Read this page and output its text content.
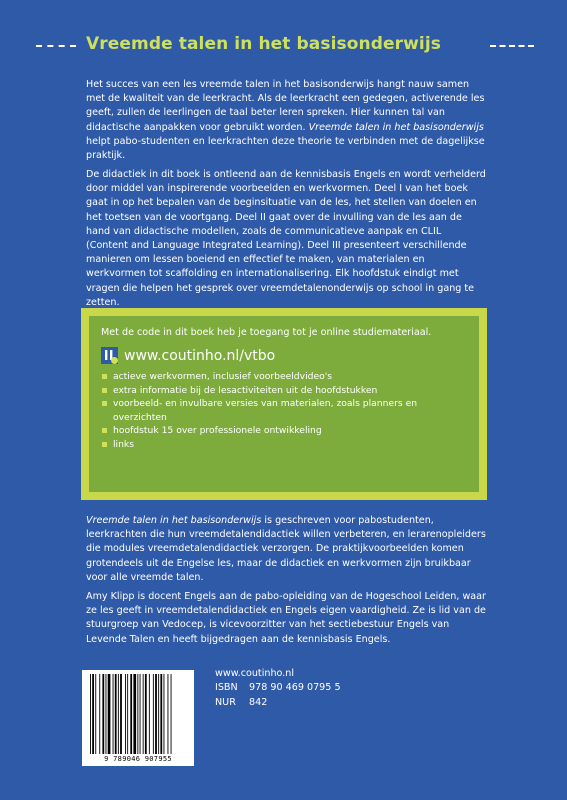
Vreemde talen in het basisonderwijs

Het succes van een les vreemde talen in het basisonderwijs hangt nauw samen met de kwaliteit van de leerkracht. Als de leerkracht een gedegen, activerende les geeft, zullen de leerlingen de taal beter leren spreken. Hier kunnen tal van didactische aanpakken voor gebruikt worden. Vreemde talen in het basisonderwijs helpt pabo-studenten en leerkrachten deze theorie te verbinden met de dagelijkse praktijk.

De didactiek in dit boek is ontleend aan de kennisbasis Engels en wordt verhelderd door middel van inspirerende voorbeelden en werkvormen. Deel I van het boek gaat in op het bepalen van de beginsituatie van de les, het stellen van doelen en het toetsen van de voortgang. Deel II gaat over de invulling van de les aan de hand van didactische modellen, zoals de communicatieve aanpak en CLIL (Content and Language Integrated Learning). Deel III presenteert verschillende manieren om lessen boeiend en effectief te maken, van materialen en werkvormen tot scaffolding en internationalisering. Elk hoofdstuk eindigt met vragen die helpen het gesprek over vreemdetalenonderwijs op school in gang te zetten.

Met de code in dit boek heb je toegang tot je online studiemateriaal.

www.coutinho.nl/vtbo
actieve werkvormen, inclusief voorbeeldvideo's
extra informatie bij de lesactiviteiten uit de hoofdstukken
voorbeeld- en invulbare versies van materialen, zoals planners en overzichten
hoofdstuk 15 over professionele ontwikkeling
links

Vreemde talen in het basisonderwijs is geschreven voor pabostudenten, leerkrachten die hun vreemdetalendidactiek willen verbeteren, en lerarenopleiders die modules vreemdetalendidactiek verzorgen. De praktijkvoorbeelden komen grotendeels uit de Engelse les, maar de didactiek en werkvormen zijn bruikbaar voor alle vreemde talen.

Amy Klipp is docent Engels aan de pabo-opleiding van de Hogeschool Leiden, waar ze les geeft in vreemdetalendidactiek en Engels eigen vaardigheid. Ze is lid van de stuurgroep van Vedocep, is vicevoorzitter van het sectiebestuur Engels van Levende Talen en heeft bijgedragen aan de kennisbasis Engels.

9 789046 907955
www.coutinho.nl
ISBN	978 90 469 0795 5
NUR	842
